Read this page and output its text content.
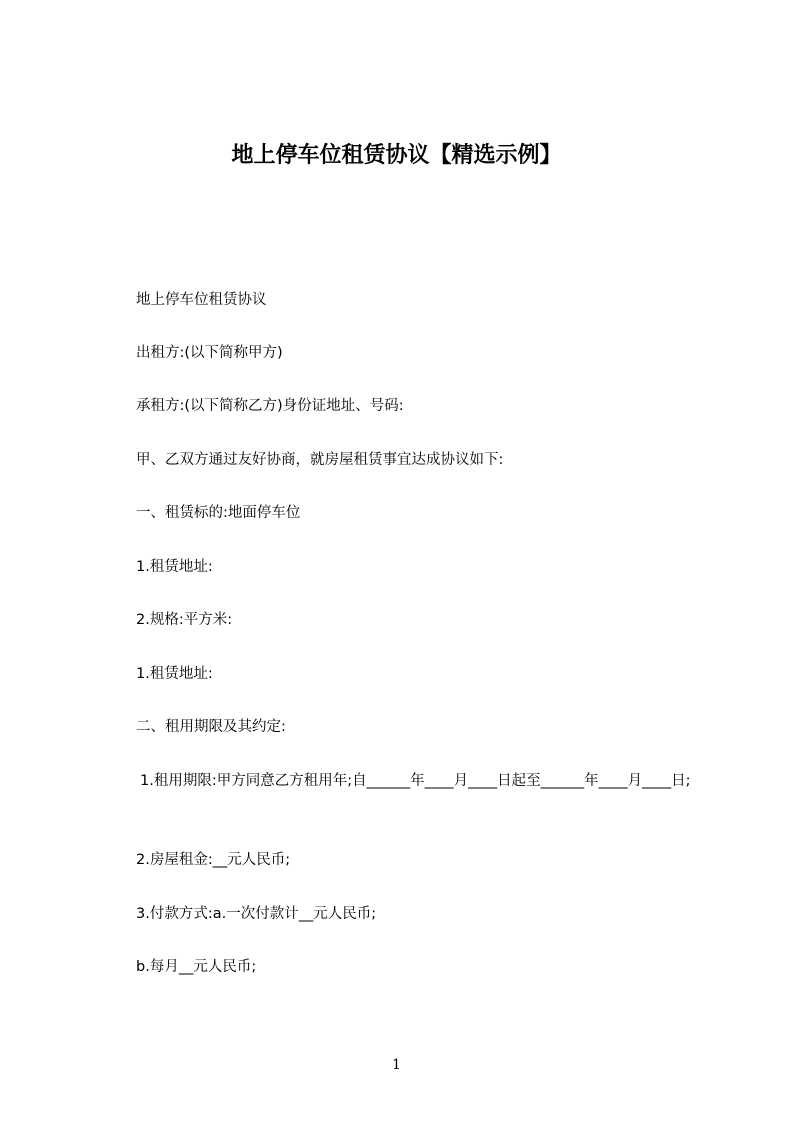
地上停车位租赁协议【精选示例】
地上停车位租赁协议
出租方:(以下简称甲方)
承租方:(以下简称乙方)身份证地址、号码:
甲、乙双方通过友好协商，就房屋租赁事宜达成协议如下:
一、租赁标的:地面停车位
1.租赁地址:
2.规格:平方米:
1.租赁地址:
二、租用期限及其约定:
1.租用期限:甲方同意乙方租用年;自______年____月____日起至______年____月____日;
2.房屋租金:__元人民币;
3.付款方式:a.一次付款计__元人民币;
b.每月__元人民币;
1
